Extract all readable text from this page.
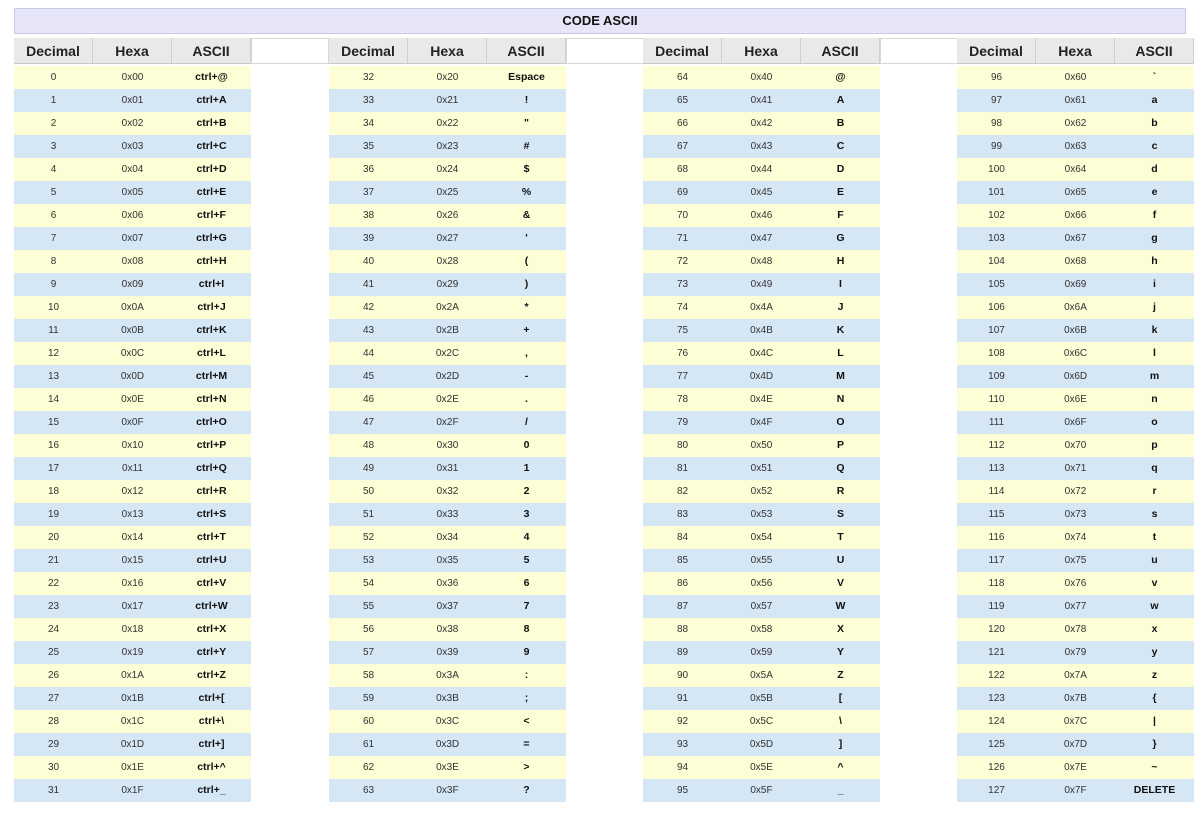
CODE ASCII
Decimal	Hexa	ASCII
0	0x00	ctrl+@
1	0x01	ctrl+A
2	0x02	ctrl+B
3	0x03	ctrl+C
4	0x04	ctrl+D
5	0x05	ctrl+E
6	0x06	ctrl+F
7	0x07	ctrl+G
8	0x08	ctrl+H
9	0x09	ctrl+I
10	0x0A	ctrl+J
11	0x0B	ctrl+K
12	0x0C	ctrl+L
13	0x0D	ctrl+M
14	0x0E	ctrl+N
15	0x0F	ctrl+O
16	0x10	ctrl+P
17	0x11	ctrl+Q
18	0x12	ctrl+R
19	0x13	ctrl+S
20	0x14	ctrl+T
21	0x15	ctrl+U
22	0x16	ctrl+V
23	0x17	ctrl+W
24	0x18	ctrl+X
25	0x19	ctrl+Y
26	0x1A	ctrl+Z
27	0x1B	ctrl+[
28	0x1C	ctrl+\
29	0x1D	ctrl+]
30	0x1E	ctrl+^
31	0x1F	ctrl+_
Decimal	Hexa	ASCII
32	0x20	Espace
33	0x21	!
34	0x22	"
35	0x23	#
36	0x24	$
37	0x25	%
38	0x26	&
39	0x27	'
40	0x28	(
41	0x29	)
42	0x2A	*
43	0x2B	+
44	0x2C	,
45	0x2D	-
46	0x2E	.
47	0x2F	/
48	0x30	0
49	0x31	1
50	0x32	2
51	0x33	3
52	0x34	4
53	0x35	5
54	0x36	6
55	0x37	7
56	0x38	8
57	0x39	9
58	0x3A	:
59	0x3B	;
60	0x3C	<
61	0x3D	=
62	0x3E	>
63	0x3F	?
Decimal	Hexa	ASCII
64	0x40	@
65	0x41	A
66	0x42	B
67	0x43	C
68	0x44	D
69	0x45	E
70	0x46	F
71	0x47	G
72	0x48	H
73	0x49	I
74	0x4A	J
75	0x4B	K
76	0x4C	L
77	0x4D	M
78	0x4E	N
79	0x4F	O
80	0x50	P
81	0x51	Q
82	0x52	R
83	0x53	S
84	0x54	T
85	0x55	U
86	0x56	V
87	0x57	W
88	0x58	X
89	0x59	Y
90	0x5A	Z
91	0x5B	[
92	0x5C	\
93	0x5D	]
94	0x5E	^
95	0x5F	_
Decimal	Hexa	ASCII
96	0x60	`
97	0x61	a
98	0x62	b
99	0x63	c
100	0x64	d
101	0x65	e
102	0x66	f
103	0x67	g
104	0x68	h
105	0x69	i
106	0x6A	j
107	0x6B	k
108	0x6C	l
109	0x6D	m
110	0x6E	n
111	0x6F	o
112	0x70	p
113	0x71	q
114	0x72	r
115	0x73	s
116	0x74	t
117	0x75	u
118	0x76	v
119	0x77	w
120	0x78	x
121	0x79	y
122	0x7A	z
123	0x7B	{
124	0x7C	|
125	0x7D	}
126	0x7E	~
127	0x7F	DELETE
